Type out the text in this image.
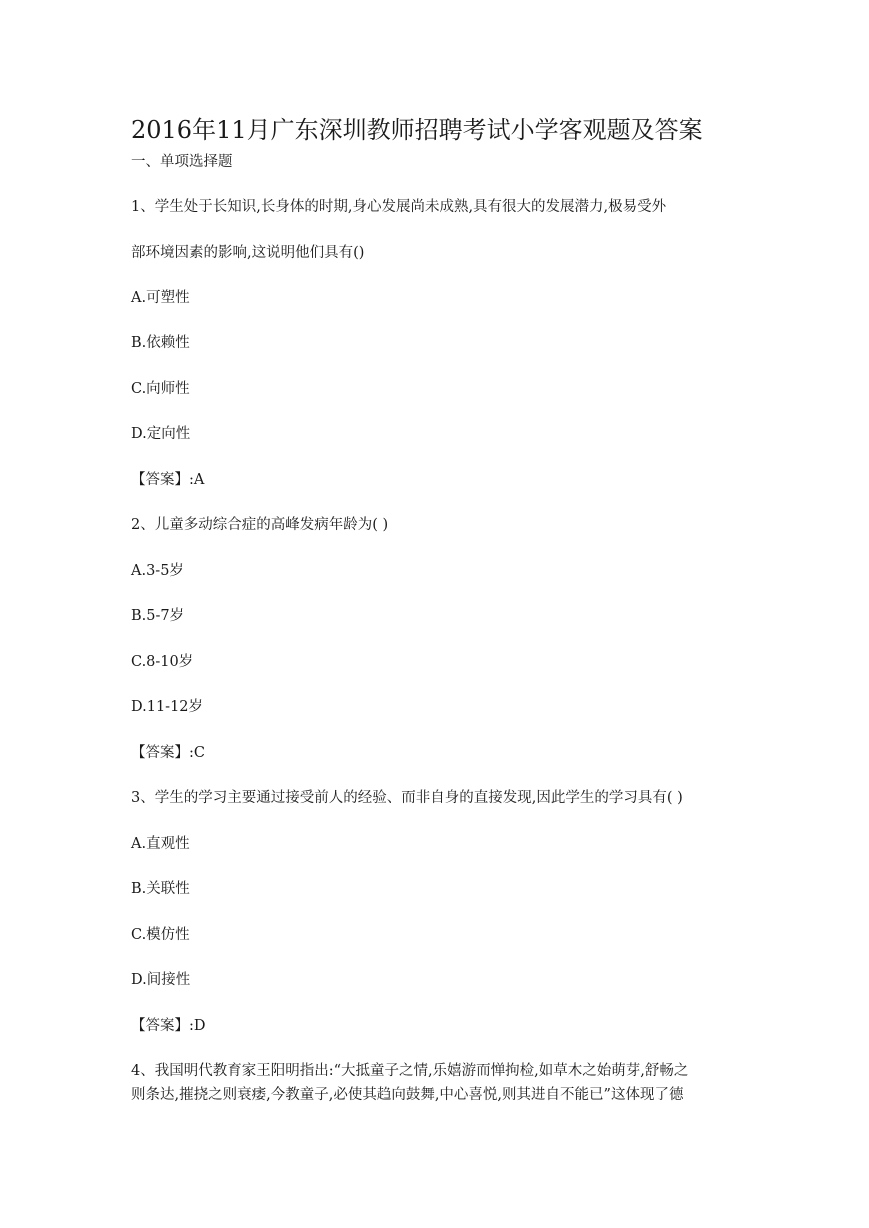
2016年11月广东深圳教师招聘考试小学客观题及答案
一、单项选择题
1、学生处于长知识,长身体的时期,身心发展尚未成熟,具有很大的发展潜力,极易受外
部环境因素的影响,这说明他们具有()
A.可塑性
B.依赖性
C.向师性
D.定向性
【答案】:A
2、儿童多动综合症的高峰发病年龄为( )
A.3-5岁
B.5-7岁
C.8-10岁
D.11-12岁
【答案】:C
3、学生的学习主要通过接受前人的经验、而非自身的直接发现,因此学生的学习具有( )
A.直观性
B.关联性
C.模仿性
D.间接性
【答案】:D
4、我国明代教育家王阳明指出:“大抵童子之情,乐嬉游而惮拘检,如草木之始萌芽,舒畅之
则条达,摧挠之则衰痿,今教童子,必使其趋向鼓舞,中心喜悦,则其进自不能已”这体现了德
